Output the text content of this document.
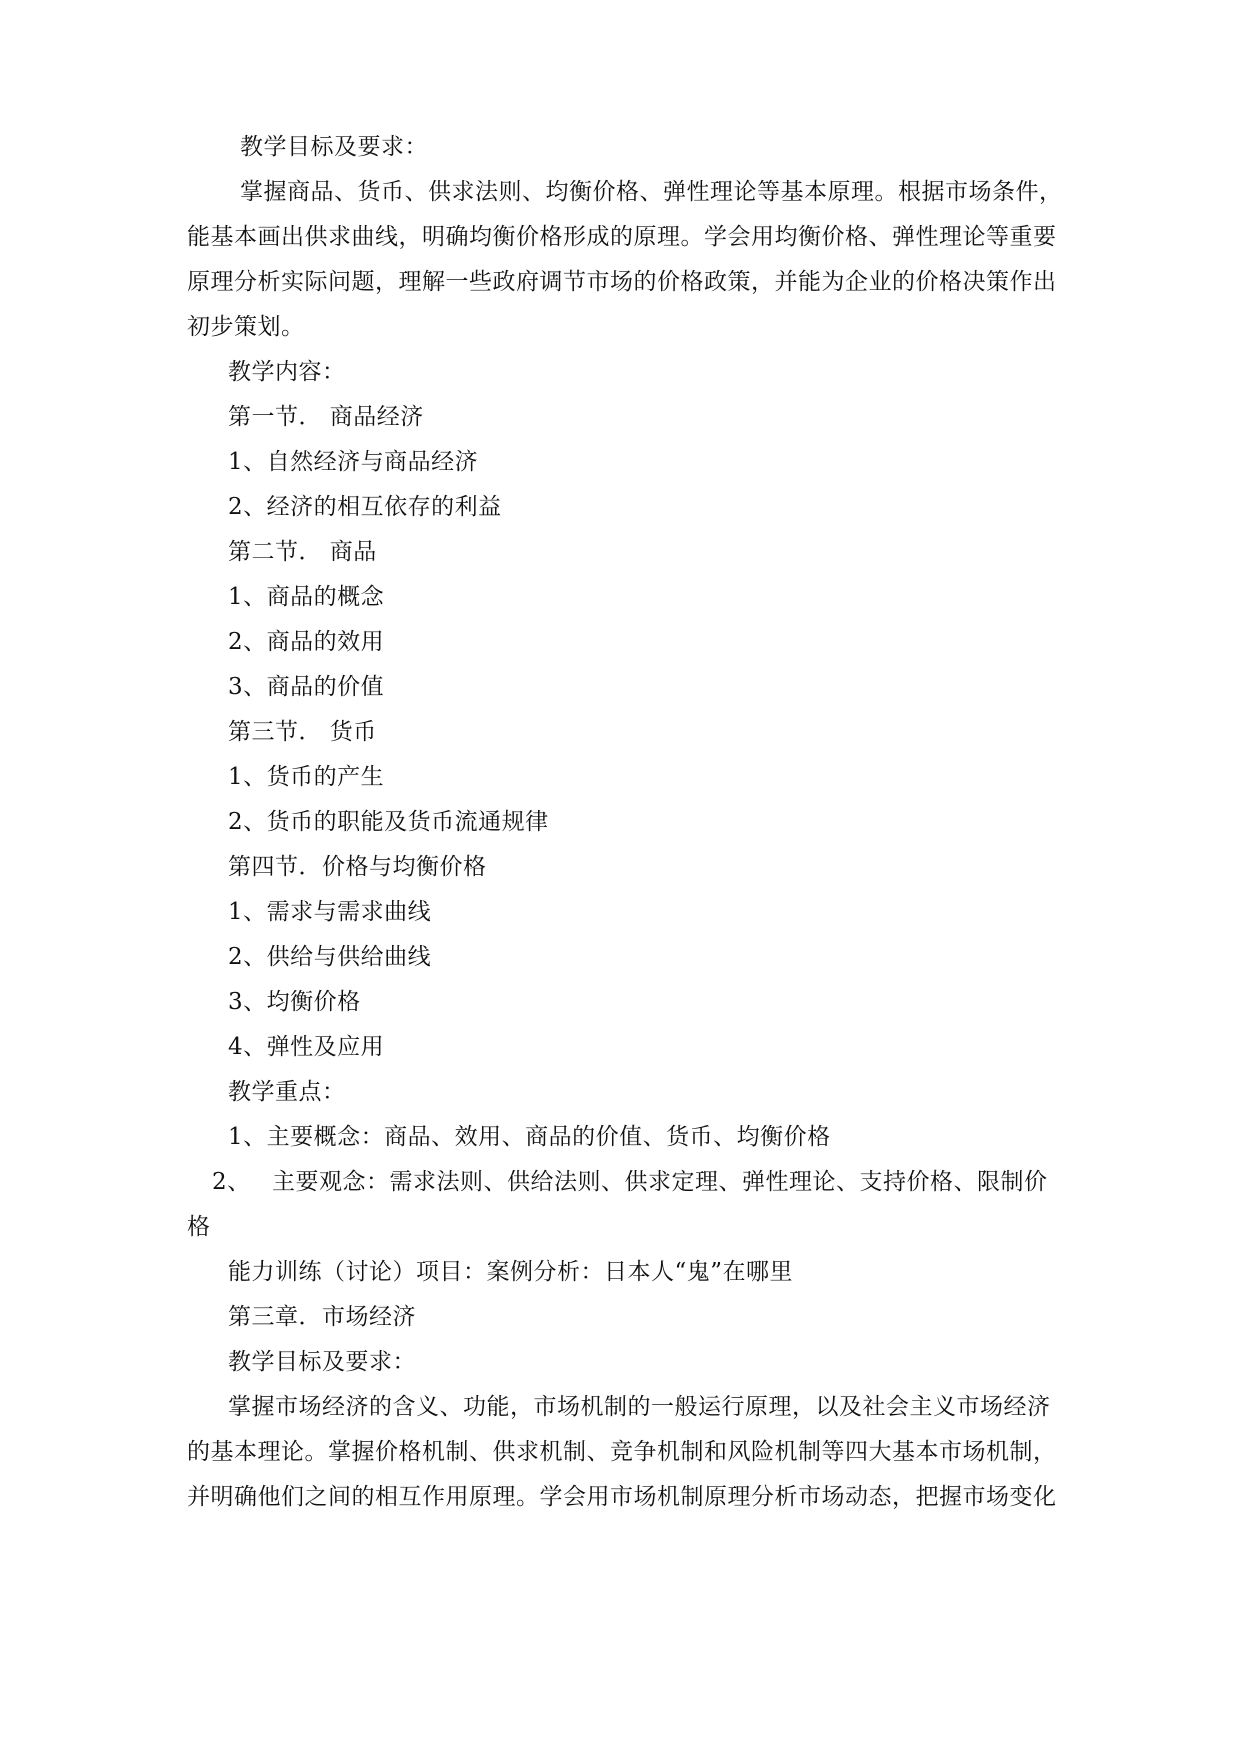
教学目标及要求：
掌握商品、货币、供求法则、均衡价格、弹性理论等基本原理。根据市场条件，
能基本画出供求曲线，明确均衡价格形成的原理。学会用均衡价格、弹性理论等重要
原理分析实际问题，理解一些政府调节市场的价格政策，并能为企业的价格决策作出
初步策划。
教学内容：
第一节． 商品经济
1、自然经济与商品经济
2、经济的相互依存的利益
第二节． 商品
1、商品的概念
2、商品的效用
3、商品的价值
第三节． 货币
1、货币的产生
2、货币的职能及货币流通规律
第四节．价格与均衡价格
1、需求与需求曲线
2、供给与供给曲线
3、均衡价格
4、弹性及应用
教学重点：
1、主要概念：商品、效用、商品的价值、货币、均衡价格
2、 主要观念：需求法则、供给法则、供求定理、弹性理论、支持价格、限制价
格
能力训练（讨论）项目：案例分析：日本人“鬼”在哪里
第三章．市场经济
教学目标及要求：
掌握市场经济的含义、功能，市场机制的一般运行原理，以及社会主义市场经济
的基本理论。掌握价格机制、供求机制、竞争机制和风险机制等四大基本市场机制，
并明确他们之间的相互作用原理。学会用市场机制原理分析市场动态，把握市场变化
